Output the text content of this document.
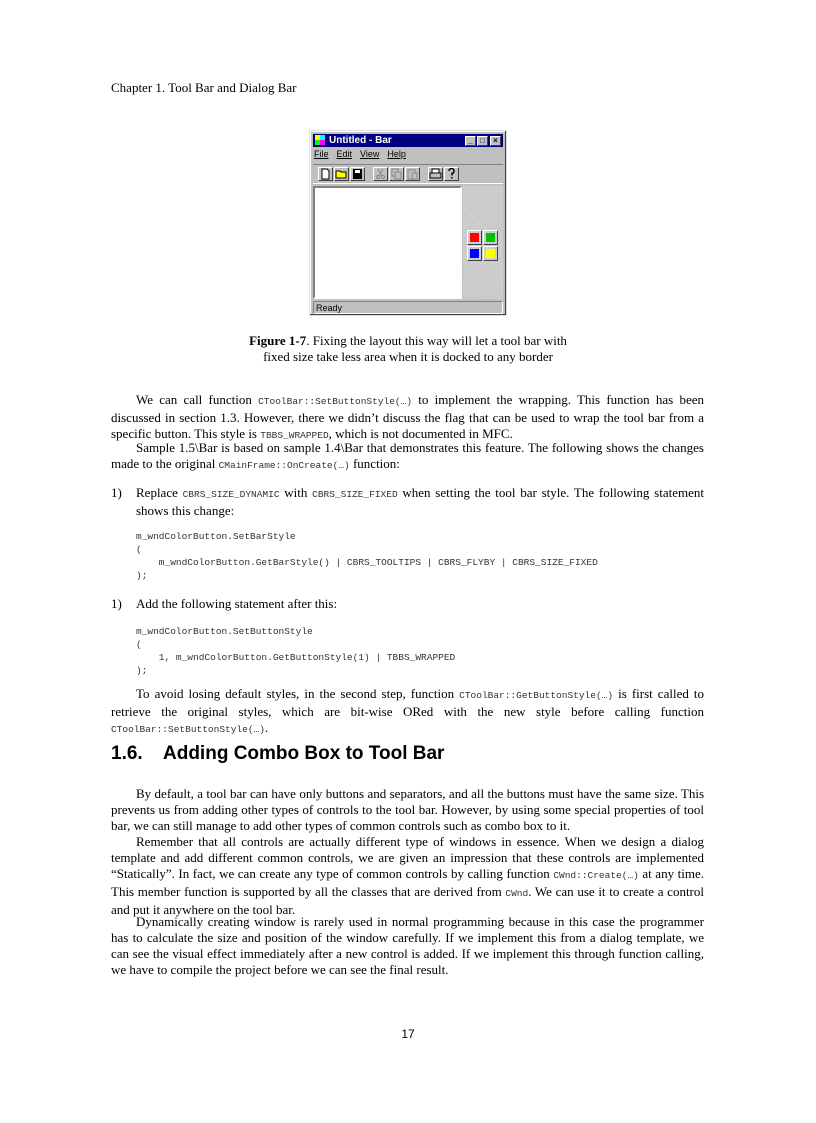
Chapter 1. Tool Bar and Dialog Bar
Untitled - Bar	_ □	×
File Edit View Help
Ready
Figure 1-7. Fixing the layout this way will let a tool bar with
fixed size take less area when it is docked to any border
We can call function CToolBar::SetButtonStyle(…) to implement the wrapping. This function has been discussed in section 1.3. However, there we didn’t discuss the flag that can be used to wrap the tool bar from a specific button. This style is TBBS_WRAPPED, which is not documented in MFC.
Sample 1.5\Bar is based on sample 1.4\Bar that demonstrates this feature. The following shows the changes made to the original CMainFrame::OnCreate(…) function:
1) Replace CBRS_SIZE_DYNAMIC with CBRS_SIZE_FIXED when setting the tool bar style. The following statement shows this change:
m_wndColorButton.SetBarStyle
(
m_wndColorButton.GetBarStyle() | CBRS_TOOLTIPS | CBRS_FLYBY | CBRS_SIZE_FIXED
);
1) Add the following statement after this:
m_wndColorButton.SetButtonStyle
(
1, m_wndColorButton.GetButtonStyle(1) | TBBS_WRAPPED
);
To avoid losing default styles, in the second step, function CToolBar::GetButtonStyle(…) is first called to retrieve the original styles, which are bit-wise ORed with the new style before calling function CToolBar::SetButtonStyle(…).
1.6. Adding Combo Box to Tool Bar
By default, a tool bar can have only buttons and separators, and all the buttons must have the same size. This prevents us from adding other types of controls to the tool bar. However, by using some special properties of tool bar, we can still manage to add other types of common controls such as combo box to it.
Remember that all controls are actually different type of windows in essence. When we design a dialog template and add different common controls, we are given an impression that these controls are implemented “Statically”. In fact, we can create any type of common controls by calling function CWnd::Create(…) at any time. This member function is supported by all the classes that are derived from CWnd. We can use it to create a control and put it anywhere on the tool bar.
Dynamically creating window is rarely used in normal programming because in this case the programmer has to calculate the size and position of the window carefully. If we implement this from a dialog template, we can see the visual effect immediately after a new control is added. If we implement this through function calling, we have to compile the project before we can see the final result.
17
